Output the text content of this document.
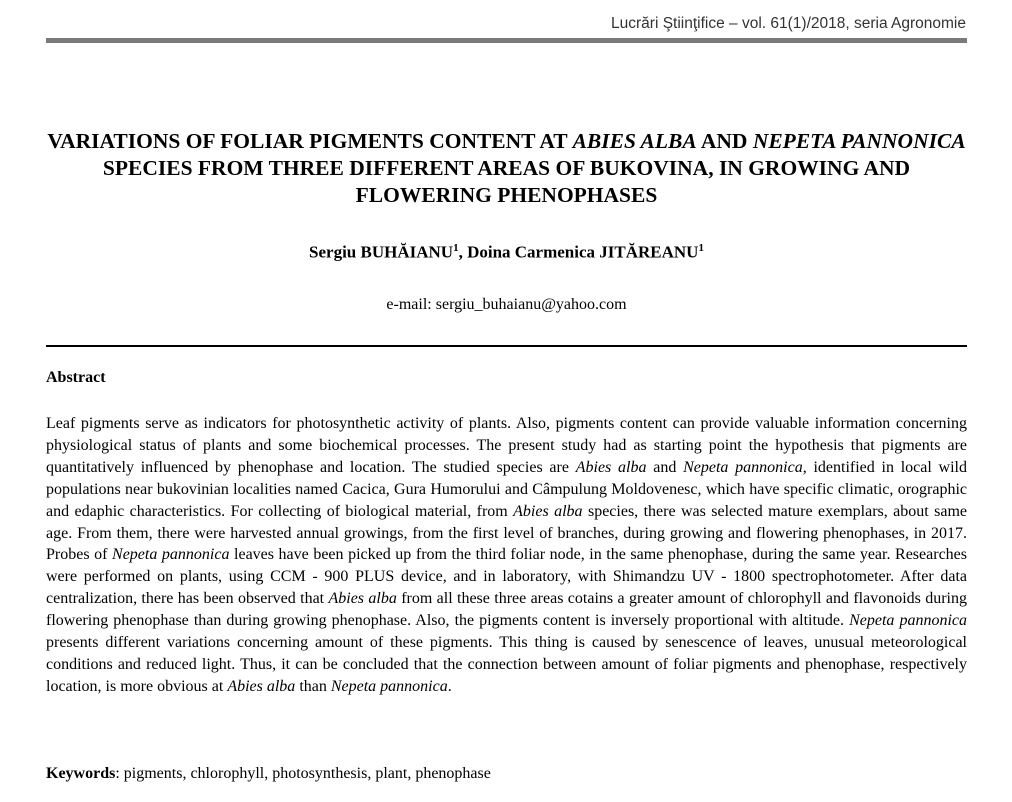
Lucrări Ştiinţifice – vol. 61(1)/2018, seria Agronomie
VARIATIONS OF FOLIAR PIGMENTS CONTENT AT ABIES ALBA AND NEPETA PANNONICA SPECIES FROM THREE DIFFERENT AREAS OF BUKOVINA, IN GROWING AND FLOWERING PHENOPHASES
Sergiu BUHĂIANU$^1$, Doina Carmenica JITĂREANU$^1$
e-mail: sergiu_buhaianu@yahoo.com
Abstract

Leaf pigments serve as indicators for photosynthetic activity of plants. Also, pigments content can provide valuable information concerning physiological status of plants and some biochemical processes. The present study had as starting point the hypothesis that pigments are quantitatively influenced by phenophase and location. The studied species are Abies alba and Nepeta pannonica, identified in local wild populations near bukovinian localities named Cacica, Gura Humorului and Câmpulung Moldovenesc, which have specific climatic, orographic and edaphic characteristics. For collecting of biological material, from Abies alba species, there was selected mature exemplars, about same age. From them, there were harvested annual growings, from the first level of branches, during growing and flowering phenophases, in 2017. Probes of Nepeta pannonica leaves have been picked up from the third foliar node, in the same phenophase, during the same year. Researches were performed on plants, using CCM - 900 PLUS device, and in laboratory, with Shimandzu UV - 1800 spectrophotometer. After data centralization, there has been observed that Abies alba from all these three areas cotains a greater amount of chlorophyll and flavonoids during flowering phenophase than during growing phenophase. Also, the pigments content is inversely proportional with altitude. Nepeta pannonica presents different variations concerning amount of these pigments. This thing is caused by senescence of leaves, unusual meteorological conditions and reduced light. Thus, it can be concluded that the connection between amount of foliar pigments and phenophase, respectively location, is more obvious at Abies alba than Nepeta pannonica.

Keywords: pigments, chlorophyll, photosynthesis, plant, phenophase
